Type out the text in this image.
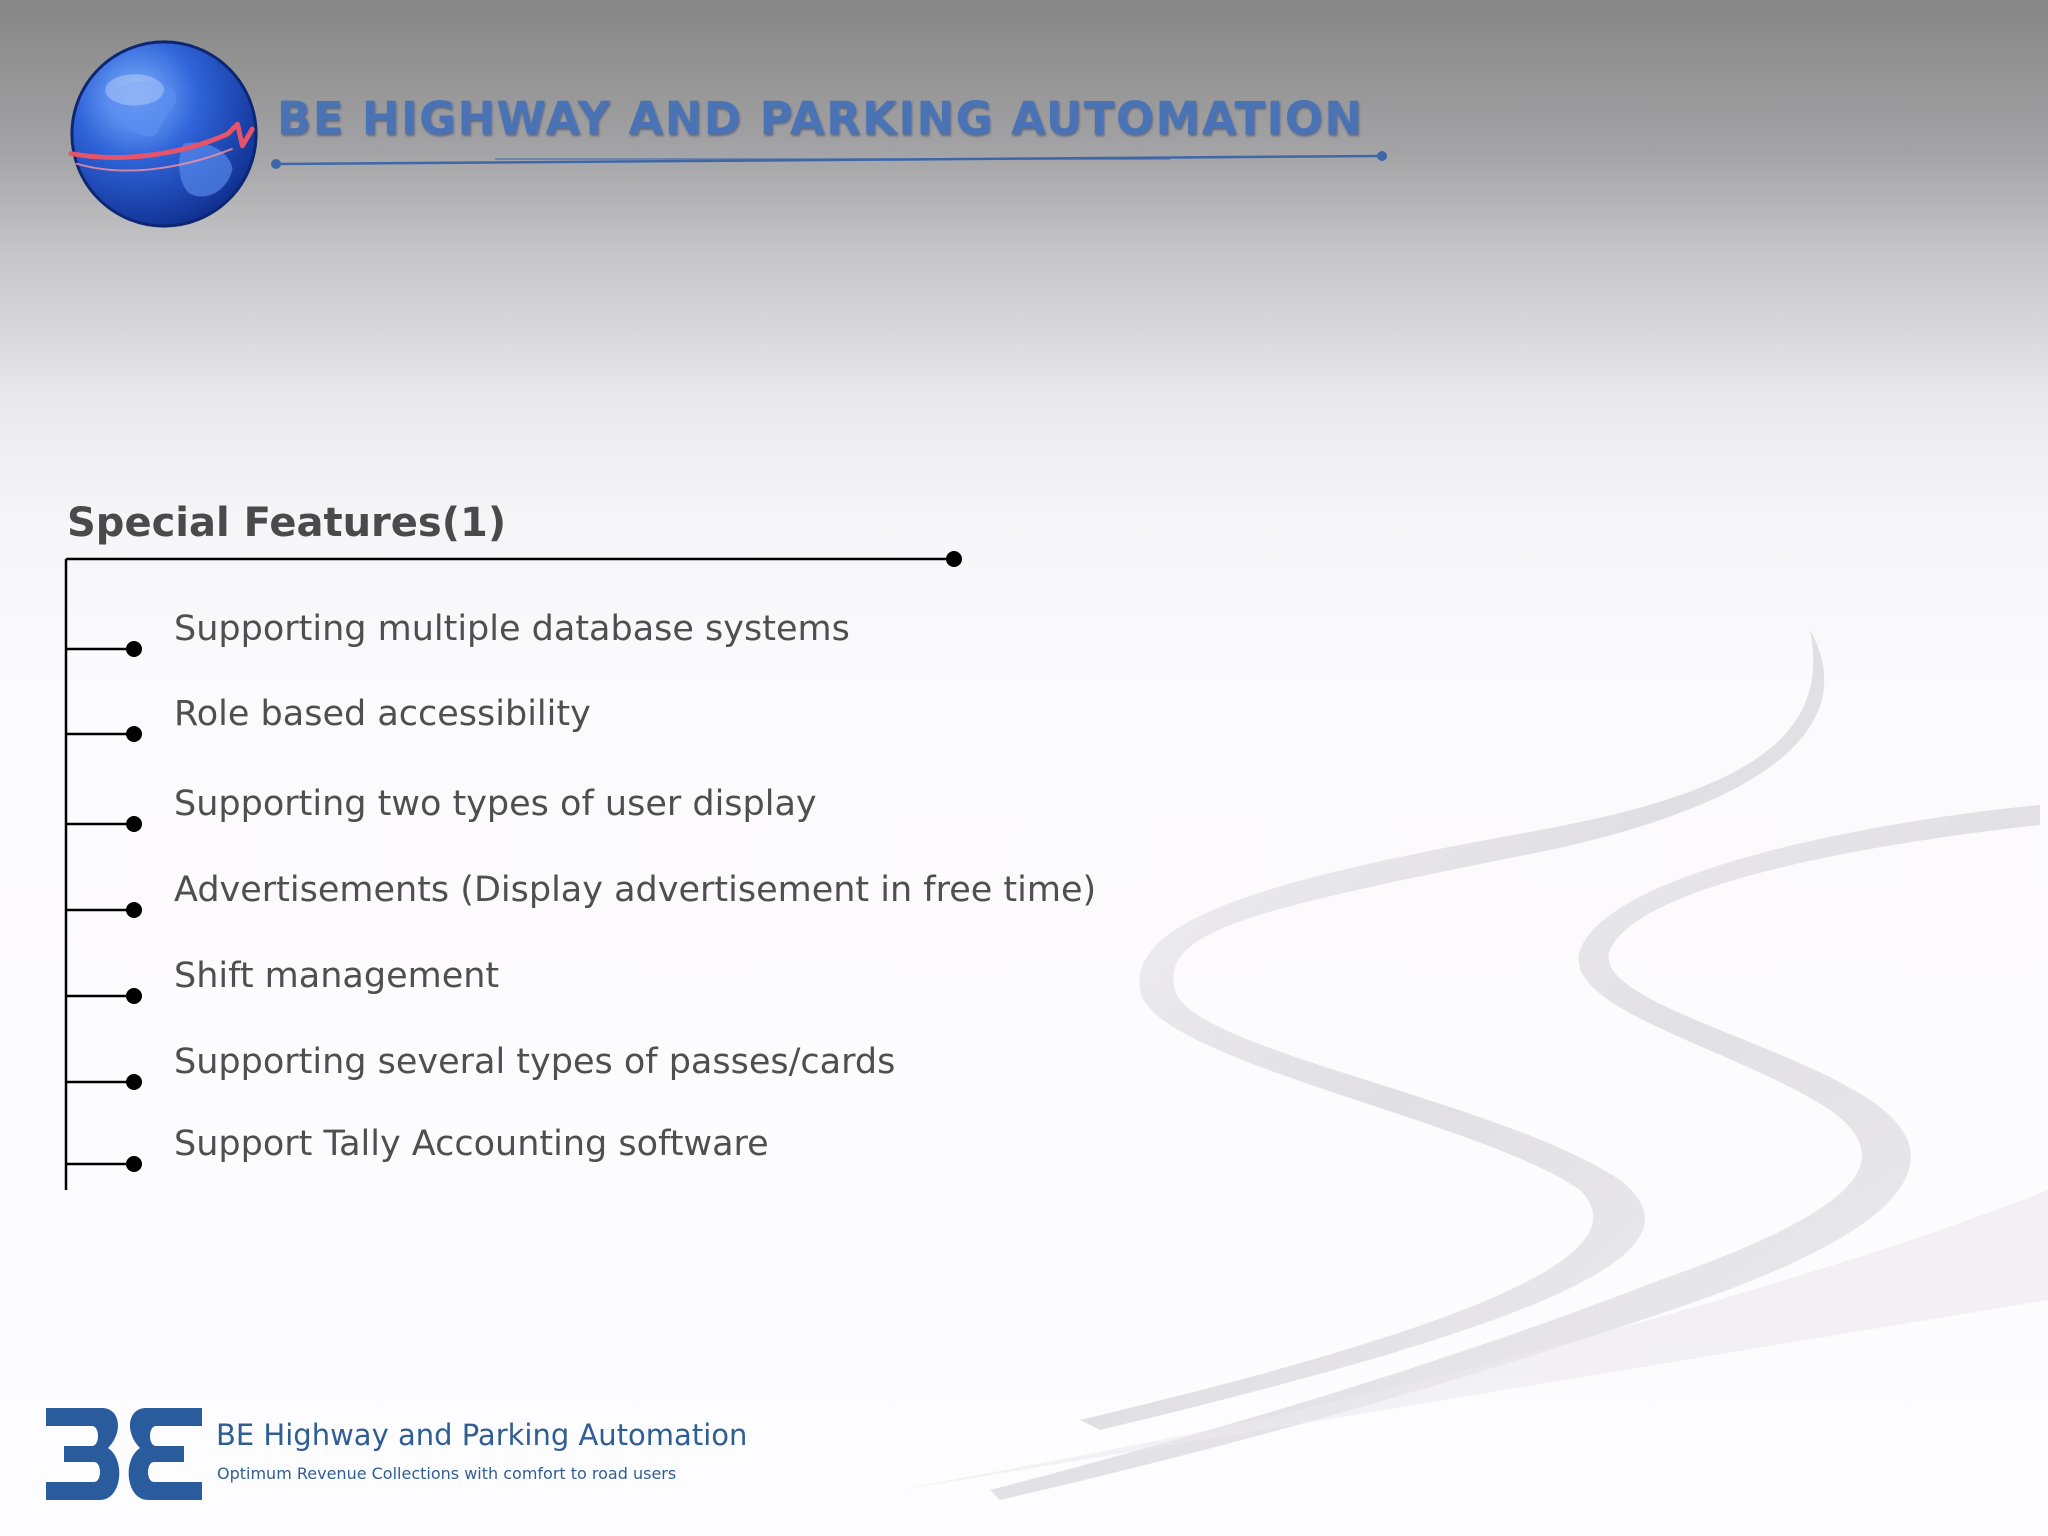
BE HIGHWAY AND PARKING AUTOMATION
Special Features(1)
Supporting multiple database systems
Role based accessibility
Supporting two types of user display
Advertisements (Display advertisement in free time)
Shift management
Supporting several types of passes/cards
Support Tally Accounting software
BE Highway and Parking Automation
Optimum Revenue Collections with comfort to road users
